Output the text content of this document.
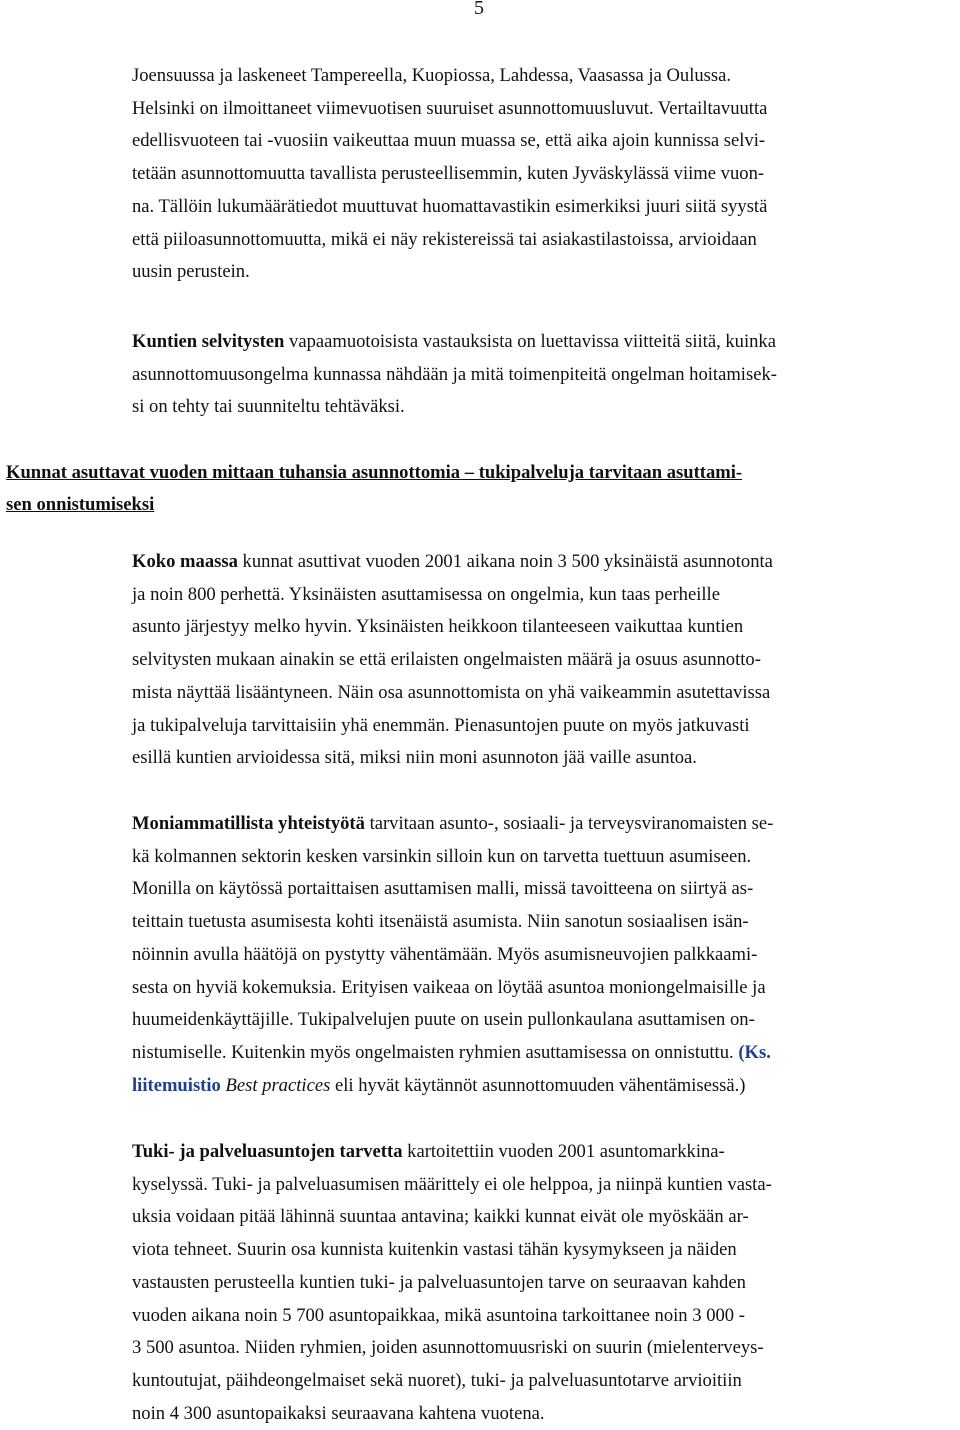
5
Joensuussa ja laskeneet Tampereella, Kuopiossa, Lahdessa, Vaasassa ja Oulussa.
Helsinki on ilmoittaneet viimevuotisen suuruiset asunnottomuusluvut. Vertailtavuutta
edellisvuoteen tai -vuosiin vaikeuttaa muun muassa se, että aika ajoin kunnissa selvi-
tetään asunnottomuutta tavallista perusteellisemmin, kuten Jyväskylässä viime vuon-
na. Tällöin lukumäärätiedot muuttuvat huomattavastikin esimerkiksi juuri siitä syystä
että piiloasunnottomuutta, mikä ei näy rekistereissä tai asiakastilastoissa, arvioidaan
uusin perustein.
Kuntien selvitysten vapaamuotoisista vastauksista on luettavissa viitteitä siitä, kuinka
asunnottomuusongelma kunnassa nähdään ja mitä toimenpiteitä ongelman hoitamisek-
si on tehty tai suunniteltu tehtäväksi.
Kunnat asuttavat vuoden mittaan tuhansia asunnottomia – tukipalveluja tarvitaan asuttami-
sen onnistumiseksi
Koko maassa kunnat asuttivat vuoden 2001 aikana noin 3 500 yksinäistä asunnotonta
ja noin 800 perhettä. Yksinäisten asuttamisessa on ongelmia, kun taas perheille
asunto järjestyy melko hyvin. Yksinäisten heikkoon tilanteeseen vaikuttaa kuntien
selvitysten mukaan ainakin se että erilaisten ongelmaisten määrä ja osuus asunnotto-
mista näyttää lisääntyneen. Näin osa asunnottomista on yhä vaikeammin asutettavissa
ja tukipalveluja tarvittaisiin yhä enemmän. Pienasuntojen puute on myös jatkuvasti
esillä kuntien arvioidessa sitä, miksi niin moni asunnoton jää vaille asuntoa.
Moniammatillista yhteistyötä tarvitaan asunto-, sosiaali- ja terveysviranomaisten se-
kä kolmannen sektorin kesken varsinkin silloin kun on tarvetta tuettuun asumiseen.
Monilla on käytössä portaittaisen asuttamisen malli, missä tavoitteena on siirtyä as-
teittain tuetusta asumisesta kohti itsenäistä asumista. Niin sanotun sosiaalisen isän-
nöinnin avulla häätöjä on pystytty vähentämään. Myös asumisneuvojien palkkaami-
sesta on hyviä kokemuksia. Erityisen vaikeaa on löytää asuntoa moniongelmaisille ja
huumeidenkäyttäjille. Tukipalvelujen puute on usein pullonkaulana asuttamisen on-
nistumiselle. Kuitenkin myös ongelmaisten ryhmien asuttamisessa on onnistuttu. (Ks.
liitemuistio Best practices eli hyvät käytännöt asunnottomuuden vähentämisessä.)
Tuki- ja palveluasuntojen tarvetta kartoitettiin vuoden 2001 asuntomarkkina-
kyselyssä. Tuki- ja palveluasumisen määrittely ei ole helppoa, ja niinpä kuntien vasta-
uksia voidaan pitää lähinnä suuntaa antavina; kaikki kunnat eivät ole myöskään ar-
viota tehneet. Suurin osa kunnista kuitenkin vastasi tähän kysymykseen ja näiden
vastausten perusteella kuntien tuki- ja palveluasuntojen tarve on seuraavan kahden
vuoden aikana noin 5 700 asuntopaikkaa, mikä asuntoina tarkoittanee noin 3 000 -
3 500 asuntoa. Niiden ryhmien, joiden asunnottomuusriski on suurin (mielenterveys-
kuntoutujat, päihdeongelmaiset sekä nuoret), tuki- ja palveluasuntotarve arvioitiin
noin 4 300 asuntopaikaksi seuraavana kahtena vuotena.
